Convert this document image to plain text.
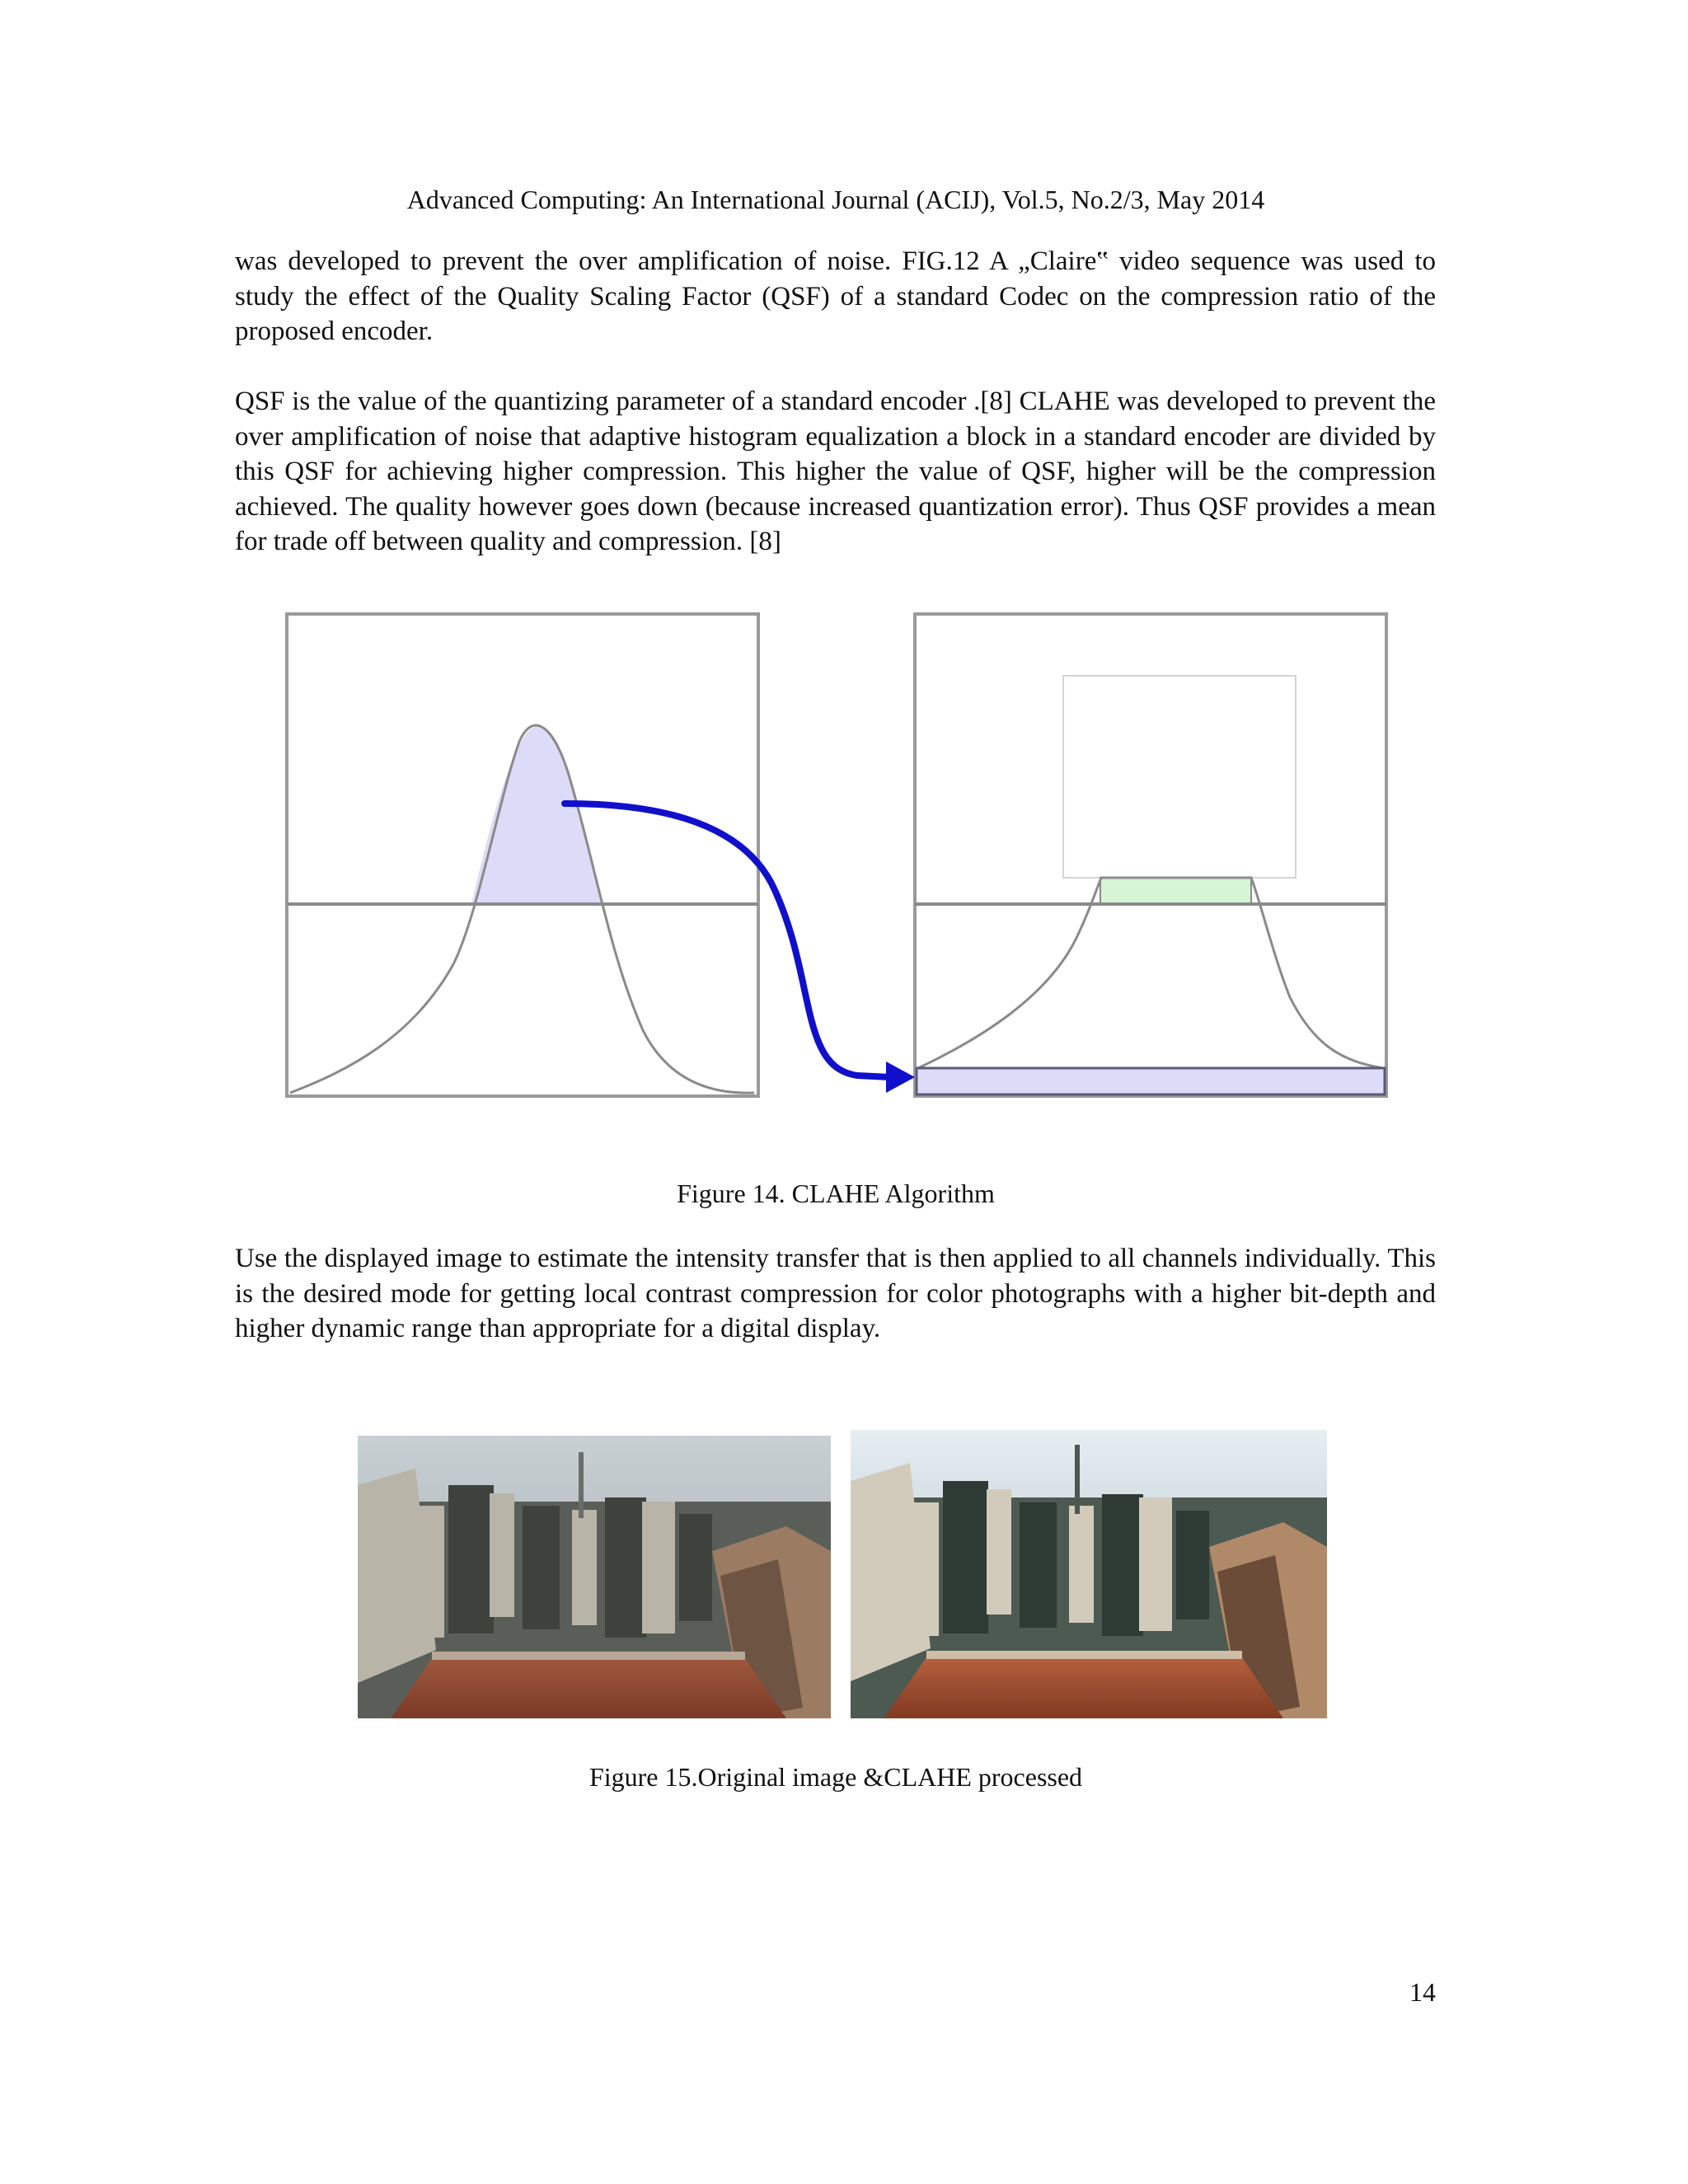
Advanced Computing: An International Journal (ACIJ), Vol.5, No.2/3, May 2014
was developed to prevent the over amplification of noise. FIG.12 A „Claire‟ video sequence was used to study the effect of the Quality Scaling Factor (QSF) of a standard Codec on the compression ratio of the proposed encoder.
QSF is the value of the quantizing parameter of a standard encoder .[8] CLAHE was developed to prevent the over amplification of noise that adaptive histogram equalization a block in a standard encoder are divided by this QSF for achieving higher compression. This higher the value of QSF, higher will be the compression achieved. The quality however goes down (because increased quantization error). Thus QSF provides a mean for trade off between quality and compression. [8]
Figure 14. CLAHE Algorithm
Use the displayed image to estimate the intensity transfer that is then applied to all channels individually. This is the desired mode for getting local contrast compression for color photographs with a higher bit-depth and higher dynamic range than appropriate for a digital display.
Figure 15.Original image &CLAHE processed
14
